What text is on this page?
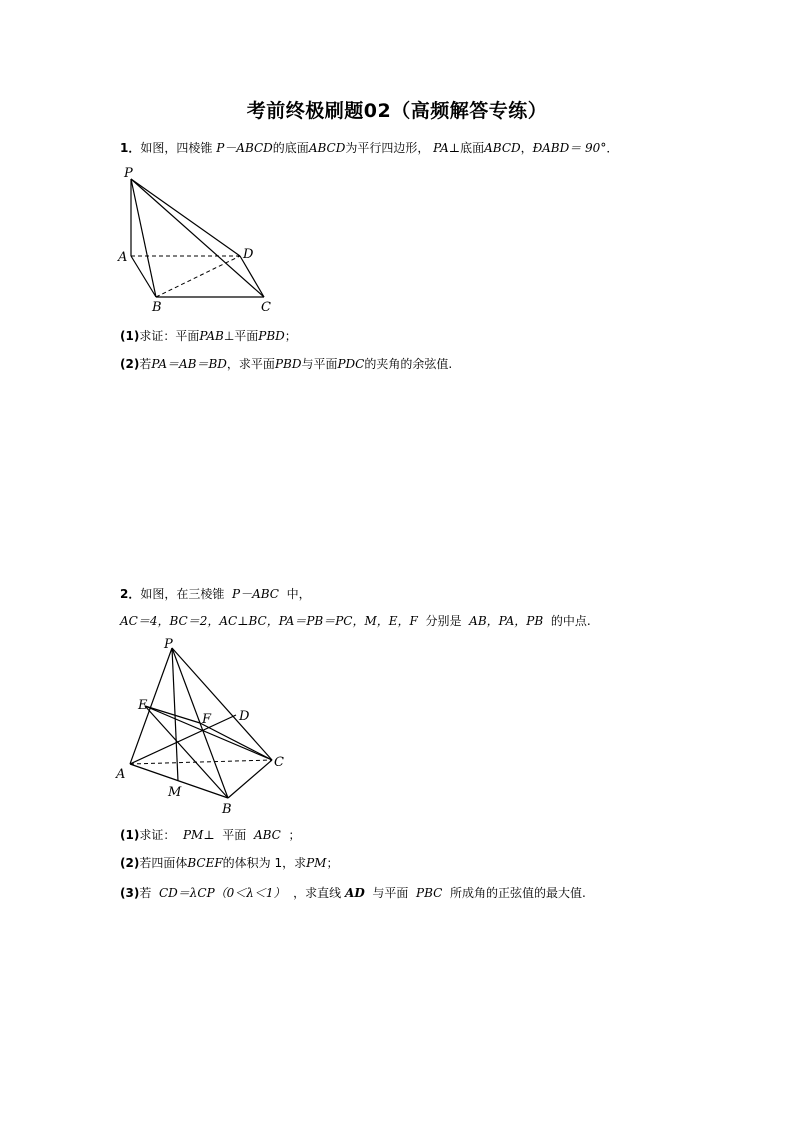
考前终极刷题02（高频解答专练）
1．如图，四棱锥 P－ABCD的底面ABCD为平行四边形， PA⊥底面ABCD，ÐABD＝ 90°．
P
A
B	C
D
(1)求证：平面PAB⊥平面PBD；
(2)若PA＝AB＝BD，求平面PBD与平面PDC的夹角的余弦值.
2．如图，在三棱锥 P－ABC 中，
AC＝4，BC＝2，AC⊥BC，PA＝PB＝PC，M，E，F 分别是 AB，PA，PB 的中点.
P
A
B
C
D
E
F
M
(1)求证： PM⊥ 平面 ABC ；
(2)若四面体BCEF的体积为 1，求PM；
(3)若 CD＝λCP（0＜λ＜1） ，求直线 AD 与平面 PBC 所成角的正弦值的最大值.
